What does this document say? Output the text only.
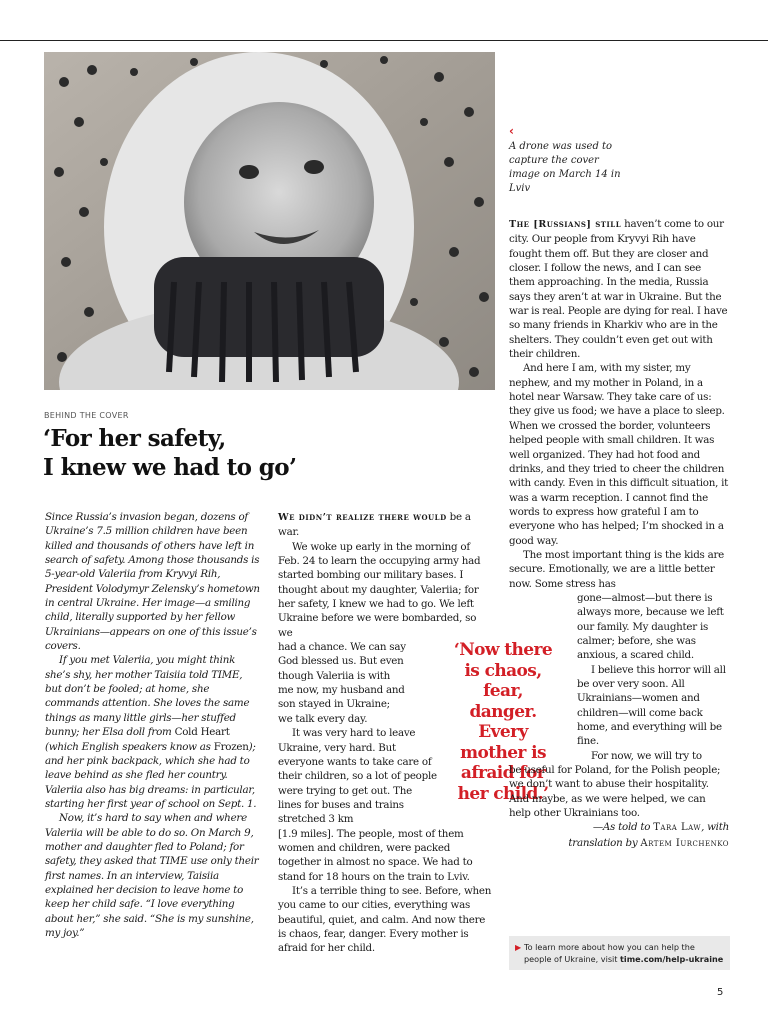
‹
A drone was used to capture the cover image on March 14 in Lviv
BEHIND THE COVER
‘For her safety,
I knew we had to go’

Since Russia’s invasion began, dozens of Ukraine’s 7.5 million children have been killed and thousands of others have left in search of safety. Among those thousands is 5-year-old Valeriia from Kryvyi Rih, President Volodymyr Zelensky’s hometown in central Ukraine. Her image—a smiling child, literally supported by her fellow Ukrainians—appears on one of this issue’s covers.

If you met Valeriia, you might think she’s shy, her mother Taisiia told TIME, but don’t be fooled; at home, she commands attention. She loves the same things as many little girls—her stuffed bunny; her Elsa doll from Cold Heart (which English speakers know as Frozen); and her pink backpack, which she had to leave behind as she fled her country. Valeriia also has big dreams: in particular, starting her first year of school on Sept. 1.

Now, it’s hard to say when and where Valeriia will be able to do so. On March 9, mother and daughter fled to Poland; for safety, they asked that TIME use only their first names. In an interview, Taisiia explained her decision to leave home to keep her child safe. “I love everything about her,” she said. “She is my sunshine, my joy.”

We didn’t realize there would be a war.

We woke up early in the morning of Feb. 24 to learn the occupying army had started bombing our military bases. I thought about my daughter, Valeriia; for her safety, I knew we had to go. We left Ukraine before we were bombarded, so we

had a chance. We can say God blessed us. But even though Valeriia is with me now, my husband and son stayed in Ukraine; we talk every day.

It was very hard to leave Ukraine, very hard. But everyone wants to take care of their children, so a lot of people were trying to get out. The lines for buses and trains stretched 3 km

[1.9 miles]. The people, most of them women and children, were packed together in almost no space. We had to stand for 18 hours on the train to Lviv.

It’s a terrible thing to see. Before, when you came to our cities, everything was beautiful, quiet, and calm. And now there is chaos, fear, danger. Every mother is afraid for her child.

‘Now there is chaos, fear, danger. Every mother is afraid for her child.’

The [Russians] still haven’t come to our city. Our people from Kryvyi Rih have fought them off. But they are closer and closer. I follow the news, and I can see them approaching. In the media, Russia says they aren’t at war in Ukraine. But the war is real. People are dying for real. I have so many friends in Kharkiv who are in the shelters. They couldn’t even get out with their children.

And here I am, with my sister, my nephew, and my mother in Poland, in a hotel near Warsaw. They take care of us: they give us food; we have a place to sleep. When we crossed the border, volunteers helped people with small children. It was well organized. They had hot food and drinks, and they tried to cheer the children with candy. Even in this difficult situation, it was a warm reception. I cannot find the words to express how grateful I am to everyone who has helped; I’m shocked in a good way.

The most important thing is the kids are secure. Emotionally, we are a little better now. Some stress has

gone—almost—but there is always more, because we left our family. My daughter is calmer; before, she was anxious, a scared child.

I believe this horror will all be over very soon. All Ukrainians—women and children—will come back home, and everything will be fine.

For now, we will try to

be useful for Poland, for the Polish people; we don’t want to abuse their hospitality. And maybe, as we were helped, we can help other Ukrainians too.
—As told to Tara Law, with
translation by Artem Iurchenko
▶ To learn more about how you can help the people of Ukraine, visit time.com/help-ukraine
5
